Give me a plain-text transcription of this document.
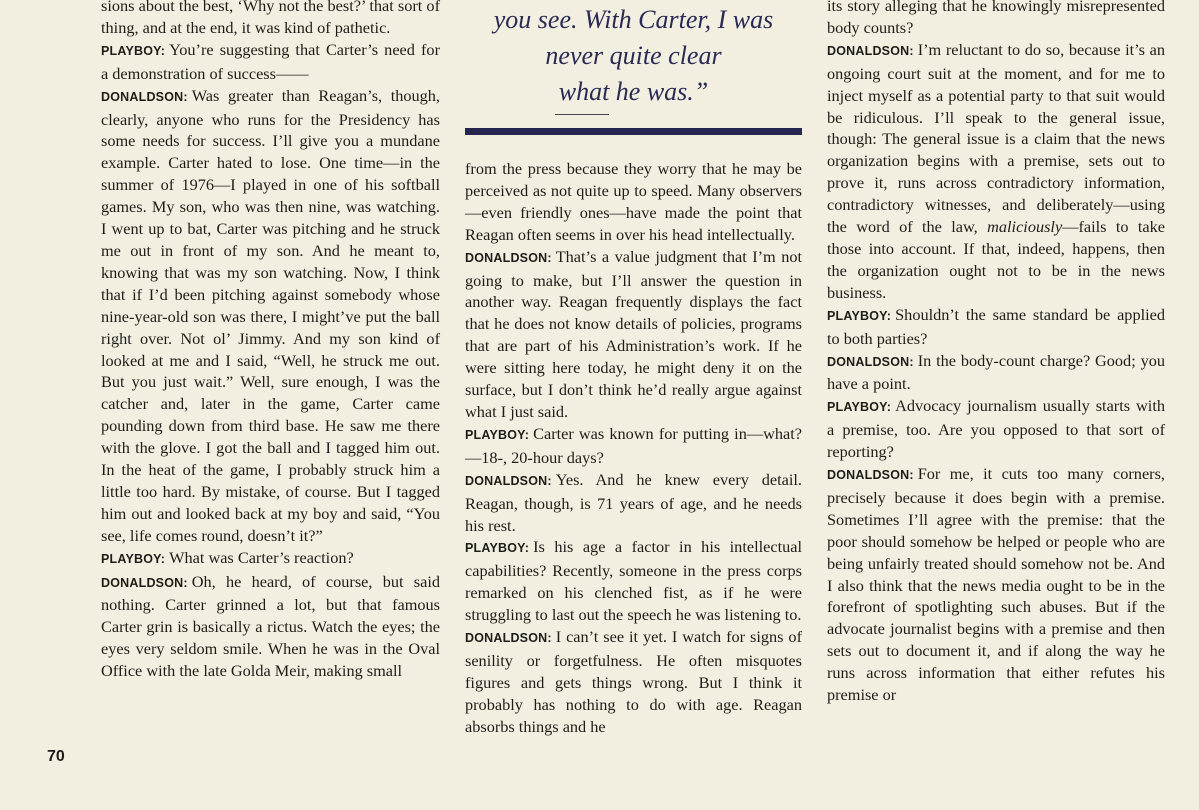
sions about the best, ‘Why not the best?’ that sort of thing, and at the end, it was kind of pathetic.

PLAYBOY: You’re suggesting that Carter’s need for a demonstration of success——

DONALDSON: Was greater than Reagan’s, though, clearly, anyone who runs for the Presidency has some needs for success. I’ll give you a mundane example. Carter hated to lose. One time—in the summer of 1976—I played in one of his softball games. My son, who was then nine, was watching. I went up to bat, Carter was pitching and he struck me out in front of my son. And he meant to, knowing that was my son watching. Now, I think that if I’d been pitching against somebody whose nine-year-old son was there, I might’ve put the ball right over. Not ol’ Jimmy. And my son kind of looked at me and I said, “Well, he struck me out. But you just wait.” Well, sure enough, I was the catcher and, later in the game, Carter came pounding down from third base. He saw me there with the glove. I got the ball and I tagged him out. In the heat of the game, I probably struck him a little too hard. By mistake, of course. But I tagged him out and looked back at my boy and said, “You see, life comes round, doesn’t it?”

PLAYBOY: What was Carter’s reaction?

DONALDSON: Oh, he heard, of course, but said nothing. Carter grinned a lot, but that famous Carter grin is basically a rictus. Watch the eyes; the eyes very seldom smile. When he was in the Oval Office with the late Golda Meir, making small

you see. With Carter, I was

never quite clear

what he was.”

from the press because they worry that he may be perceived as not quite up to speed. Many observers—even friendly ones—have made the point that Reagan often seems in over his head intellectually.

DONALDSON: That’s a value judgment that I’m not going to make, but I’ll answer the question in another way. Reagan frequently displays the fact that he does not know details of policies, programs that are part of his Administration’s work. If he were sitting here today, he might deny it on the surface, but I don’t think he’d really argue against what I just said.

PLAYBOY: Carter was known for putting in—what?—18-, 20-hour days?

DONALDSON: Yes. And he knew every detail. Reagan, though, is 71 years of age, and he needs his rest.

PLAYBOY: Is his age a factor in his intellectual capabilities? Recently, someone in the press corps remarked on his clenched fist, as if he were struggling to last out the speech he was listening to.

DONALDSON: I can’t see it yet. I watch for signs of senility or forgetfulness. He often misquotes figures and gets things wrong. But I think it probably has nothing to do with age. Reagan absorbs things and he

its story alleging that he knowingly misrepresented body counts?

DONALDSON: I’m reluctant to do so, because it’s an ongoing court suit at the moment, and for me to inject myself as a potential party to that suit would be ridiculous. I’ll speak to the general issue, though: The general issue is a claim that the news organization begins with a premise, sets out to prove it, runs across contradictory information, contradictory witnesses, and deliberately—using the word of the law, maliciously—fails to take those into account. If that, indeed, happens, then the organization ought not to be in the news business.

PLAYBOY: Shouldn’t the same standard be applied to both parties?

DONALDSON: In the body-count charge? Good; you have a point.

PLAYBOY: Advocacy journalism usually starts with a premise, too. Are you opposed to that sort of reporting?

DONALDSON: For me, it cuts too many corners, precisely because it does begin with a premise. Sometimes I’ll agree with the premise: that the poor should somehow be helped or people who are being unfairly treated should somehow not be. And I also think that the news media ought to be in the forefront of spotlighting such abuses. But if the advocate journalist begins with a premise and then sets out to document it, and if along the way he runs across information that either refutes his premise or

70
